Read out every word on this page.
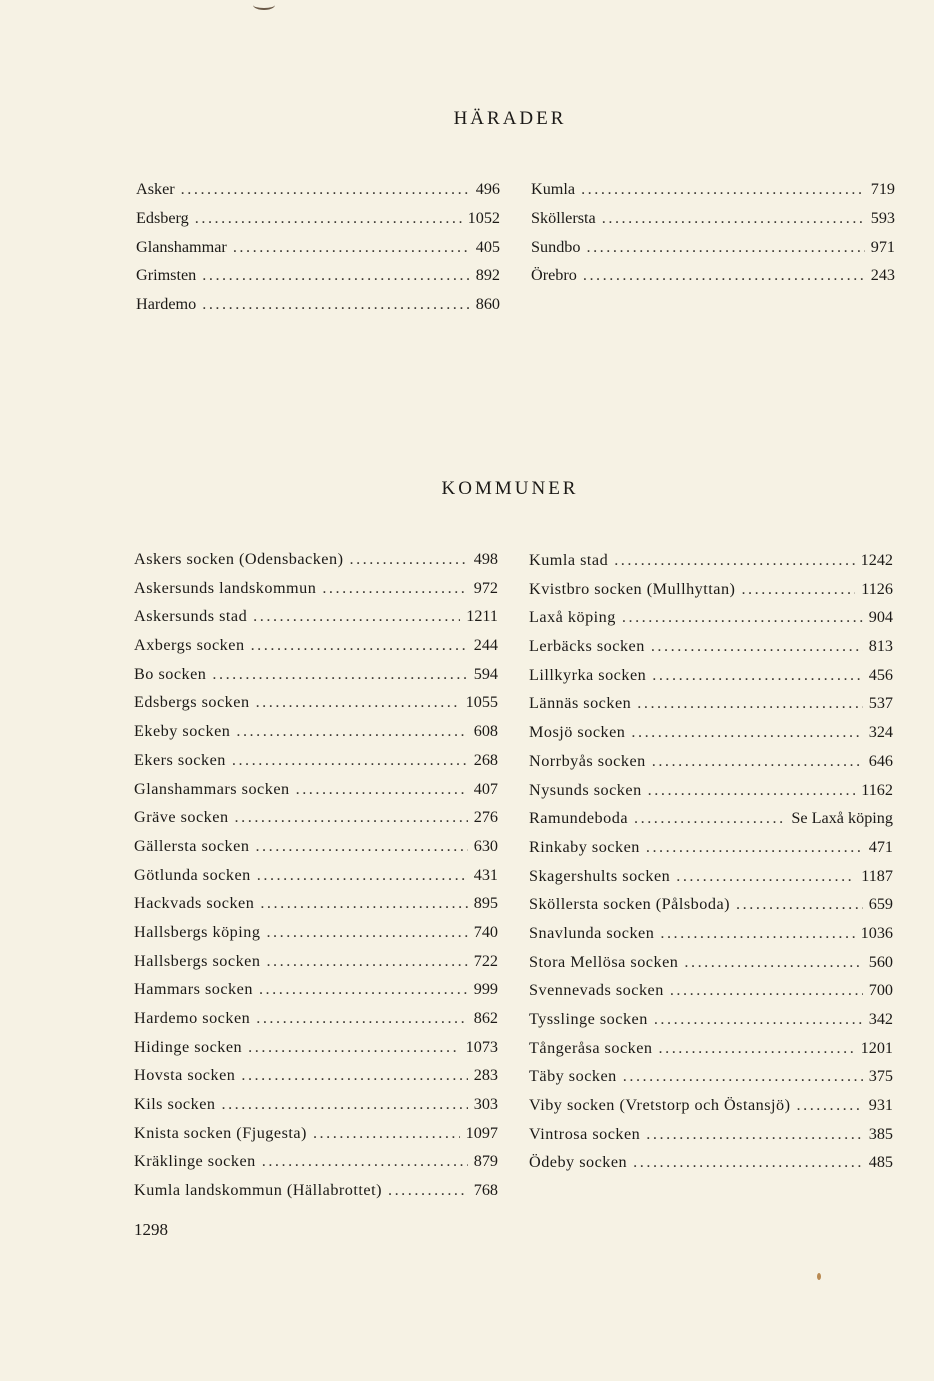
HÄRADER
Asker . . .	496
Edsberg . . .	1052
Glanshammar . . .	405
Grimsten . . .	892
Hardemo . . .	860
Kumla . . .	719
Sköllersta . . .	593
Sundbo . . .	971
Örebro . . .	243
KOMMUNER
Askers socken (Odensbacken) . . .	498
Askersunds landskommun . . .	972
Askersunds stad . . .	1211
Axbergs socken . . .	244
Bo socken . . .	594
Edsbergs socken . . .	1055
Ekeby socken . . .	608
Ekers socken . . .	268
Glanshammars socken . . .	407
Gräve socken . . .	276
Gällersta socken . . .	630
Götlunda socken . . .	431
Hackvads socken . . .	895
Hallsbergs köping . . .	740
Hallsbergs socken . . .	722
Hammars socken . . .	999
Hardemo socken . . .	862
Hidinge socken . . .	1073
Hovsta socken . . .	283
Kils socken . . .	303
Knista socken (Fjugesta) . . .	1097
Kräklinge socken . . .	879
Kumla landskommun (Hällabrottet) . . .	768
Kumla stad . . .	1242
Kvistbro socken (Mullhyttan) . . .	1126
Laxå köping . . .	904
Lerbäcks socken . . .	813
Lillkyrka socken . . .	456
Lännäs socken . . .	537
Mosjö socken . . .	324
Norrbyås socken . . .	646
Nysunds socken . . .	1162
Ramundeboda . . .	Se Laxå köping
Rinkaby socken . . .	471
Skagershults socken . . .	1187
Sköllersta socken (Pålsboda) . . .	659
Snavlunda socken . . .	1036
Stora Mellösa socken . . .	560
Svennevads socken . . .	700
Tysslinge socken . . .	342
Tångeråsa socken . . .	1201
Täby socken . . .	375
Viby socken (Vretstorp och Östansjö) . . .	931
Vintrosa socken . . .	385
Ödeby socken . . .	485
1298
